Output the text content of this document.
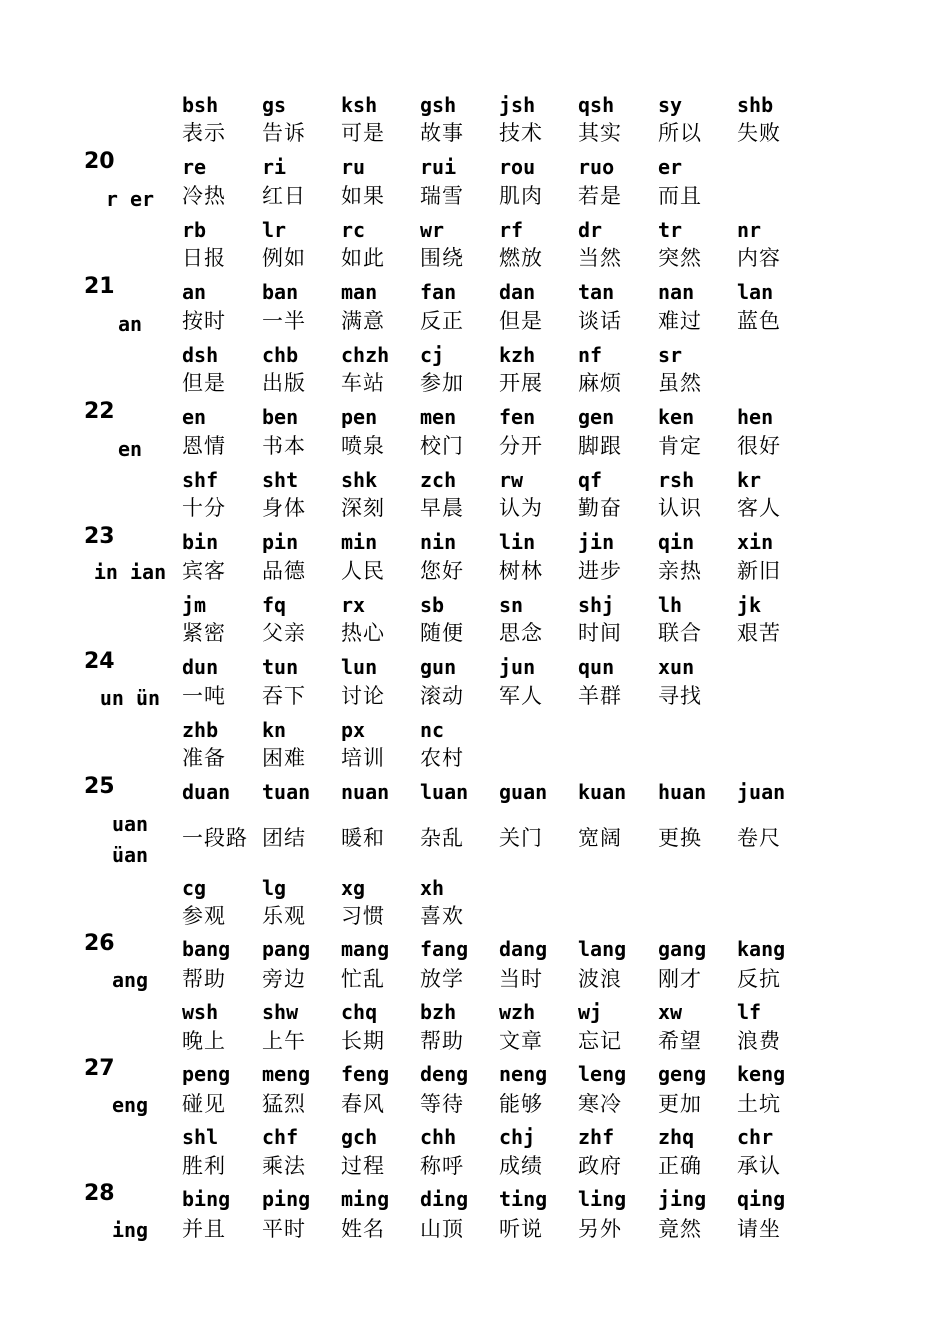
bsh gs	ksh gsh jsh qsh sy	shb
表示 告诉 可是 故事 技术 其实 所以 失败
20
r er
re	ri	ru	rui rou ruo er
冷热 红日 如果 瑞雪 肌肉 若是 而且
rb	lr	rc	wr	rf	dr	tr	nr
日报 例如 如此 围绕 燃放 当然 突然 内容
21
an
an	ban man fan dan tan nan lan
按时 一半 满意 反正 但是 谈话 难过 蓝色
dsh chb chzh cj	kzh nf	sr
但是 出版 车站 参加 开展 麻烦 虽然
22
en
en	ben pen men fen gen ken hen
恩情 书本 喷泉 校门 分开 脚跟 肯定 很好
shf sht shk zch rw	qf	rsh kr
十分 身体 深刻 早晨 认为 勤奋 认识 客人
23
in ian
bin pin min nin lin jin qin xin
宾客 品德 人民 您好 树林 进步 亲热 新旧
jm	fq	rx	sb	sn	shj lh	jk
紧密 父亲 热心 随便 思念 时间 联合 艰苦
24
un ün
dun tun lun gun jun qun xun
一吨 吞下 讨论 滚动 军人 羊群 寻找
zhb kn	px	nc
准备 困难 培训 农村
25
uan üan
duan tuan nuan luan guan kuan huan juan
一段路 团结 暖和 杂乱 关门 宽阔 更换 卷尺
cg	lg	xg	xh
参观 乐观 习惯 喜欢
26
ang
bang pang mang fang dang lang gang kang
帮助 旁边 忙乱 放学 当时 波浪 刚才 反抗
wsh shw chq bzh wzh wj	xw	lf
晚上 上午 长期 帮助 文章 忘记 希望 浪费
27
eng
peng meng feng deng neng leng geng keng
碰见 猛烈 春风 等待 能够 寒冷 更加 土坑
shl chf gch chh chj zhf zhq chr
胜利 乘法 过程 称呼 成绩 政府 正确 承认
28
ing
bing ping ming ding ting ling jing qing
并且 平时 姓名 山顶 听说 另外 竟然 请坐
